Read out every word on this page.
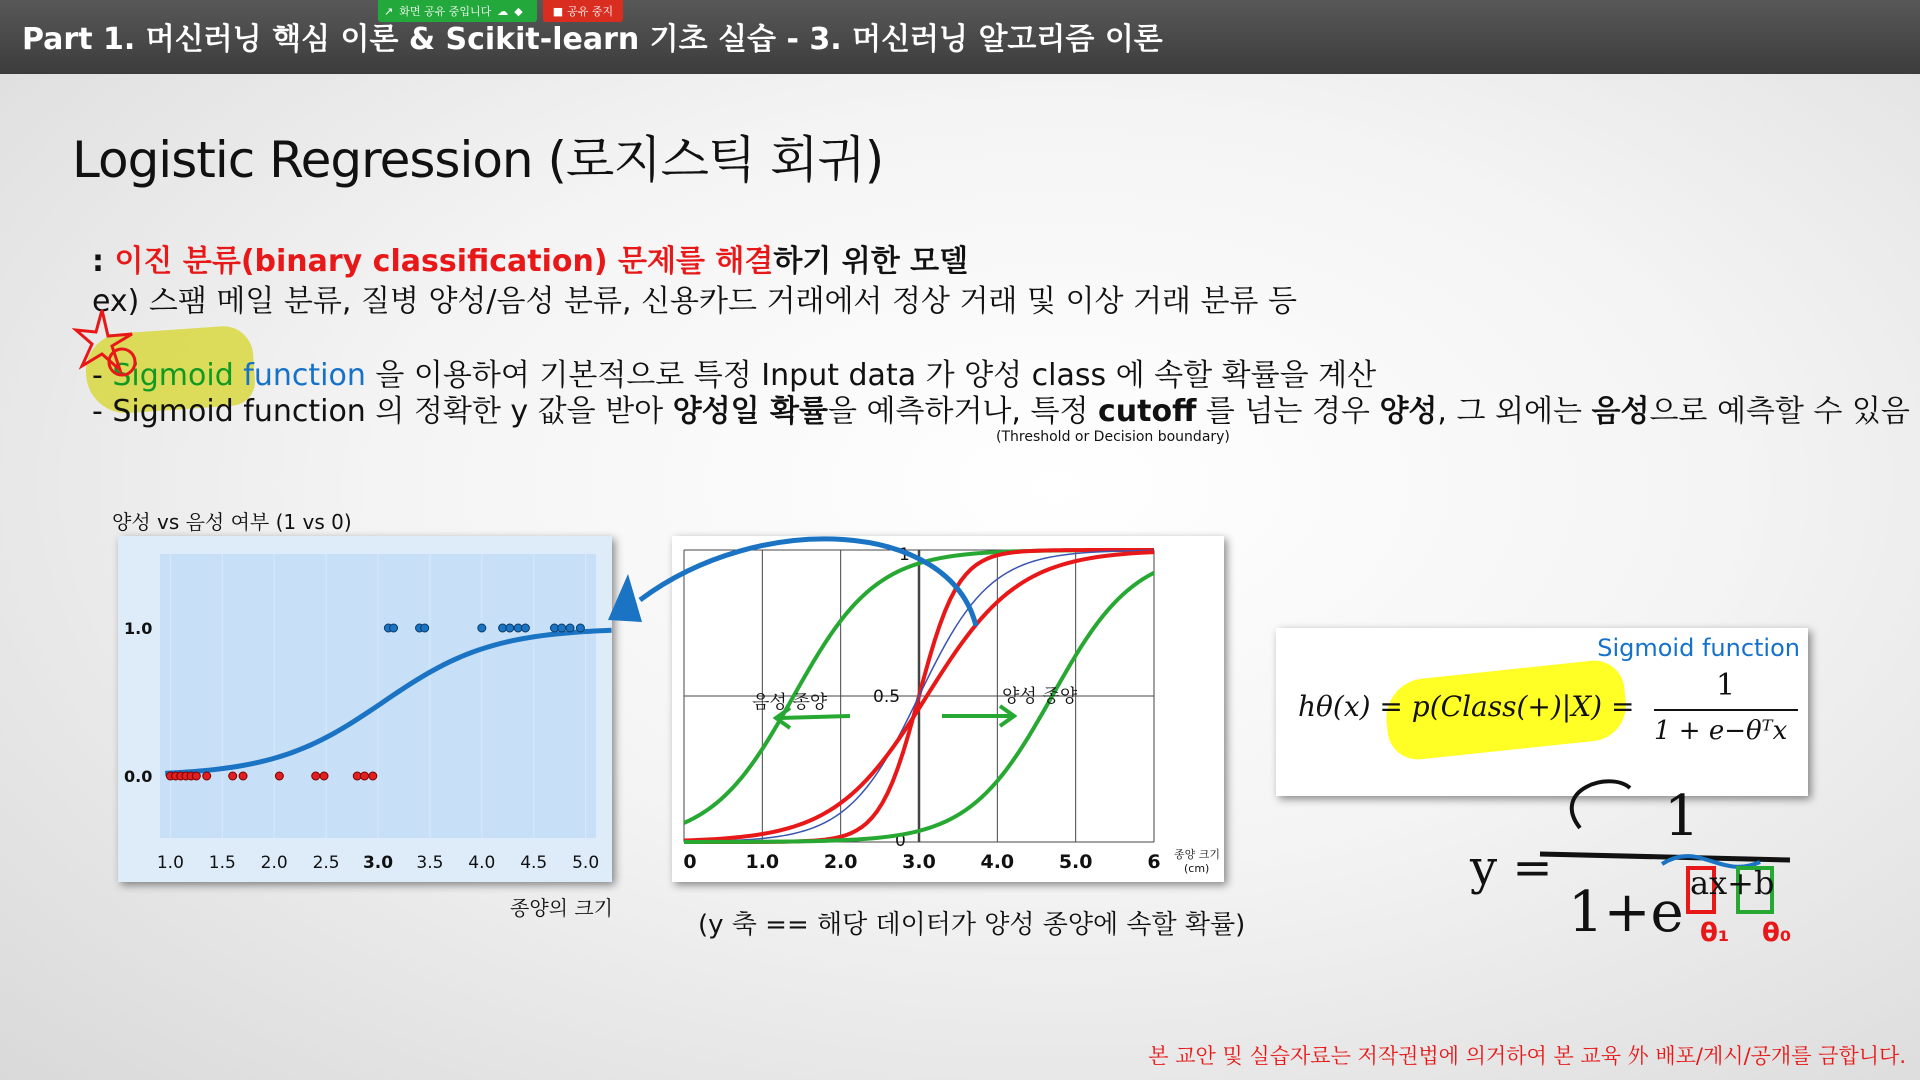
Part 1. 머신러닝 핵심 이론 & Scikit-learn 기초 실습 - 3. 머신러닝 알고리즘 이론
↗ 화면 공유 중입니다 ☁ ◆	■ 공유 중지
Logistic Regression (로지스틱 회귀)
: 이진 분류(binary classification) 문제를 해결하기 위한 모델
ex) 스팸 메일 분류, 질병 양성/음성 분류, 신용카드 거래에서 정상 거래 및 이상 거래 분류 등
- Sigmoid function 을 이용하여 기본적으로 특정 Input data 가 양성 class 에 속할 확률을 계산
- Sigmoid function 의 정확한 y 값을 받아 양성일 확률을 예측하거나, 특정 cutoff 를 넘는 경우 양성, 그 외에는 음성으로 예측할 수 있음
(Threshold or Decision boundary)
양성 vs 음성 여부 (1 vs 0)
1.0 1.5 2.0 2.5 3.0 3.5 4.0 4.5 5.0
1.0
0.0
종양의 크기
0	1.0 2.0 3.0 4.0 5.0	6
1
0.5
0
종양 크기
(cm)
음성 종양	양성 종양
(y 축 == 해당 데이터가 양성 종양에 속할 확률)
Sigmoid function
hθ(x) = p(Class(+)|X) =
1
1 + e−θᵀx
y =
1
1+e ax+b
θ₁ θ₀
본 교안 및 실습자료는 저작권법에 의거하여 본 교육 外 배포/게시/공개를 금합니다.
